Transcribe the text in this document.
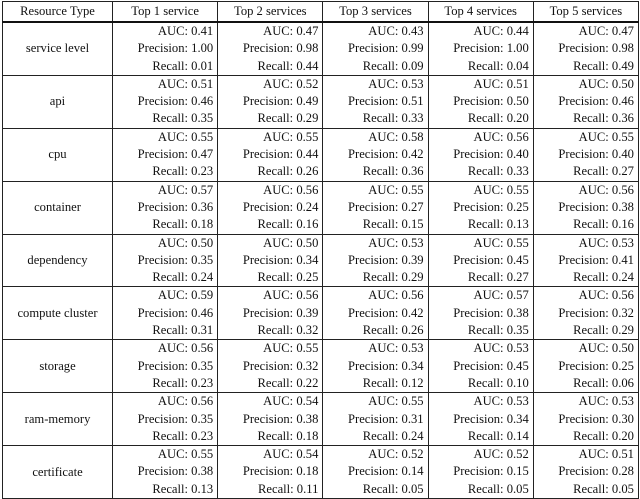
Resource Type	Top 1 service	Top 2 services	Top 3 services	Top 4 services	Top 5 services
service level	AUC: 0.41
Precision: 1.00
Recall: 0.01	AUC: 0.47
Precision: 0.98
Recall: 0.44	AUC: 0.43
Precision: 0.99
Recall: 0.09	AUC: 0.44
Precision: 1.00
Recall: 0.04	AUC: 0.47
Precision: 0.98
Recall: 0.49

api	AUC: 0.51
Precision: 0.46
Recall: 0.35	AUC: 0.52
Precision: 0.49
Recall: 0.29	AUC: 0.53
Precision: 0.51
Recall: 0.33	AUC: 0.51
Precision: 0.50
Recall: 0.20	AUC: 0.50
Precision: 0.46
Recall: 0.36

cpu	AUC: 0.55
Precision: 0.47
Recall: 0.23	AUC: 0.55
Precision: 0.44
Recall: 0.26	AUC: 0.58
Precision: 0.42
Recall: 0.36	AUC: 0.56
Precision: 0.40
Recall: 0.33	AUC: 0.55
Precision: 0.40
Recall: 0.27

container	AUC: 0.57
Precision: 0.36
Recall: 0.18	AUC: 0.56
Precision: 0.24
Recall: 0.16	AUC: 0.55
Precision: 0.27
Recall: 0.15	AUC: 0.55
Precision: 0.25
Recall: 0.13	AUC: 0.56
Precision: 0.38
Recall: 0.16

dependency	AUC: 0.50
Precision: 0.35
Recall: 0.24	AUC: 0.50
Precision: 0.34
Recall: 0.25	AUC: 0.53
Precision: 0.39
Recall: 0.29	AUC: 0.55
Precision: 0.45
Recall: 0.27	AUC: 0.53
Precision: 0.41
Recall: 0.24

compute cluster	AUC: 0.59
Precision: 0.46
Recall: 0.31	AUC: 0.56
Precision: 0.39
Recall: 0.32	AUC: 0.56
Precision: 0.42
Recall: 0.26	AUC: 0.57
Precision: 0.38
Recall: 0.35	AUC: 0.56
Precision: 0.32
Recall: 0.29

storage	AUC: 0.56
Precision: 0.35
Recall: 0.23	AUC: 0.55
Precision: 0.32
Recall: 0.22	AUC: 0.53
Precision: 0.34
Recall: 0.12	AUC: 0.53
Precision: 0.45
Recall: 0.10	AUC: 0.50
Precision: 0.25
Recall: 0.06

ram-memory	AUC: 0.56
Precision: 0.35
Recall: 0.23	AUC: 0.54
Precision: 0.38
Recall: 0.18	AUC: 0.55
Precision: 0.31
Recall: 0.24	AUC: 0.53
Precision: 0.34
Recall: 0.14	AUC: 0.53
Precision: 0.30
Recall: 0.20

certificate	AUC: 0.55
Precision: 0.38
Recall: 0.13	AUC: 0.54
Precision: 0.18
Recall: 0.11	AUC: 0.52
Precision: 0.14
Recall: 0.05	AUC: 0.52
Precision: 0.15
Recall: 0.05	AUC: 0.51
Precision: 0.28
Recall: 0.05
